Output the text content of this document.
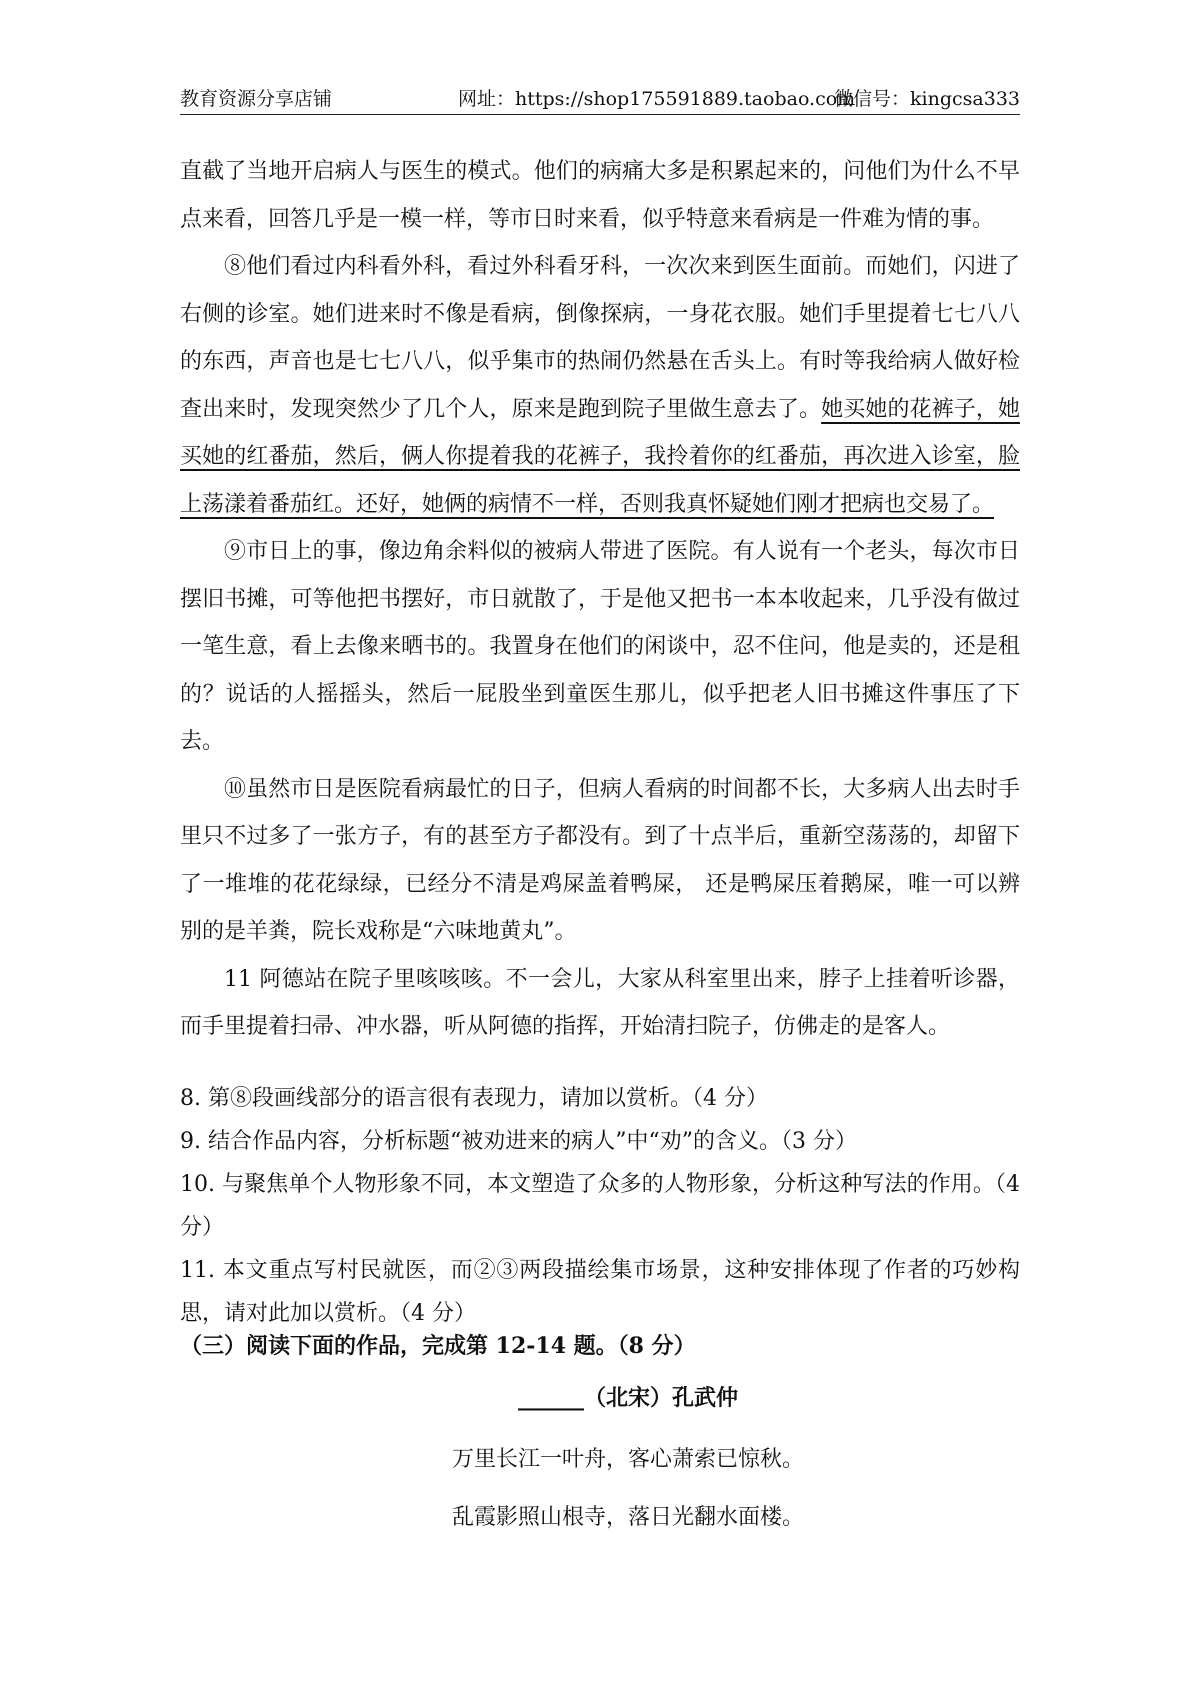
教育资源分享店铺	网址：https://shop175591889.taobao.com
微信号：kingcsa333

直截了当地开启病人与医生的模式。他们的病痛大多是积累起来的，问他们为什么不早点来看，回答几乎是一模一样，等市日时来看，似乎特意来看病是一件难为情的事。

⑧他们看过内科看外科，看过外科看牙科，一次次来到医生面前。而她们，闪进了右侧的诊室。她们进来时不像是看病，倒像探病，一身花衣服。她们手里提着七七八八的东西，声音也是七七八八，似乎集市的热闹仍然悬在舌头上。有时等我给病人做好检查出来时，发现突然少了几个人，原来是跑到院子里做生意去了。她买她的花裤子，她买她的红番茄，然后，俩人你提着我的花裤子，我拎着你的红番茄，再次进入诊室，脸上荡漾着番茄红。还好，她俩的病情不一样，否则我真怀疑她们刚才把病也交易了。

⑨市日上的事，像边角余料似的被病人带进了医院。有人说有一个老头，每次市日摆旧书摊，可等他把书摆好，市日就散了，于是他又把书一本本收起来，几乎没有做过一笔生意，看上去像来晒书的。我置身在他们的闲谈中，忍不住问，他是卖的，还是租的？说话的人摇摇头，然后一屁股坐到童医生那儿，似乎把老人旧书摊这件事压了下去。

⑩虽然市日是医院看病最忙的日子，但病人看病的时间都不长，大多病人出去时手里只不过多了一张方子，有的甚至方子都没有。到了十点半后，重新空荡荡的，却留下了一堆堆的花花绿绿，已经分不清是鸡屎盖着鸭屎， 还是鸭屎压着鹅屎，唯一可以辨别的是羊粪，院长戏称是“六味地黄丸”。

11 阿德站在院子里咳咳咳。不一会儿，大家从科室里出来，脖子上挂着听诊器，而手里提着扫帚、冲水器，听从阿德的指挥，开始清扫院子，仿佛走的是客人。

8. 第⑧段画线部分的语言很有表现力，请加以赏析。（4 分）

9. 结合作品内容，分析标题“被劝进来的病人”中“劝”的含义。（3 分）

10. 与聚焦单个人物形象不同，本文塑造了众多的人物形象，分析这种写法的作用。（4 分）

11. 本文重点写村民就医，而②③两段描绘集市场景，这种安排体现了作者的巧妙构思，请对此加以赏析。（4 分）

（三）阅读下面的作品，完成第 12-14 题。（8 分）

______（北宋）孔武仲
万里长江一叶舟，客心萧索已惊秋。
乱霞影照山根寺，落日光翻水面楼。
